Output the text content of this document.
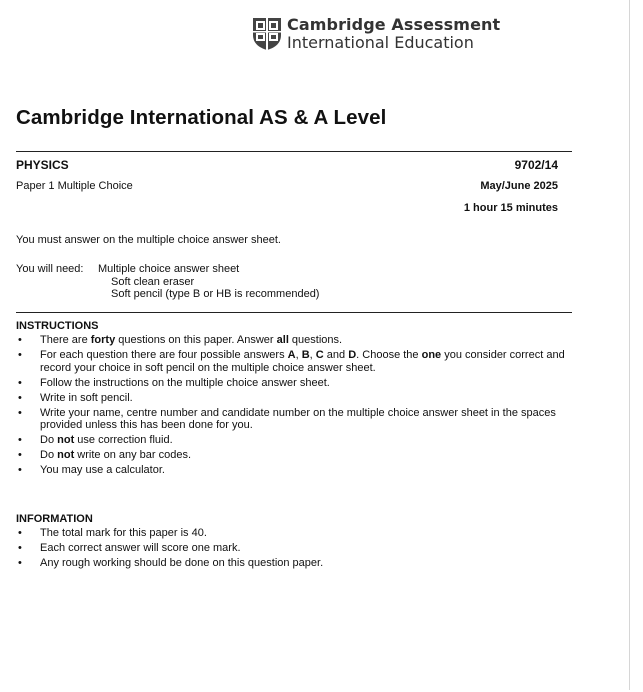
Cambridge Assessment
International Education
Cambridge International AS & A Level
PHYSICS	9702/14
Paper 1 Multiple Choice	May/June 2025
1 hour 15 minutes
You must answer on the multiple choice answer sheet.
You will need: Multiple choice answer sheet
Soft clean eraser
Soft pencil (type B or HB is recommended)
INSTRUCTIONS
• There are forty questions on this paper. Answer all questions.
• For each question there are four possible answers A, B, C and D. Choose the one you consider correct and record your choice in soft pencil on the multiple choice answer sheet.
• Follow the instructions on the multiple choice answer sheet.
• Write in soft pencil.
• Write your name, centre number and candidate number on the multiple choice answer sheet in the spaces provided unless this has been done for you.
• Do not use correction fluid.
• Do not write on any bar codes.
• You may use a calculator.
INFORMATION
• The total mark for this paper is 40.
• Each correct answer will score one mark.
• Any rough working should be done on this question paper.
